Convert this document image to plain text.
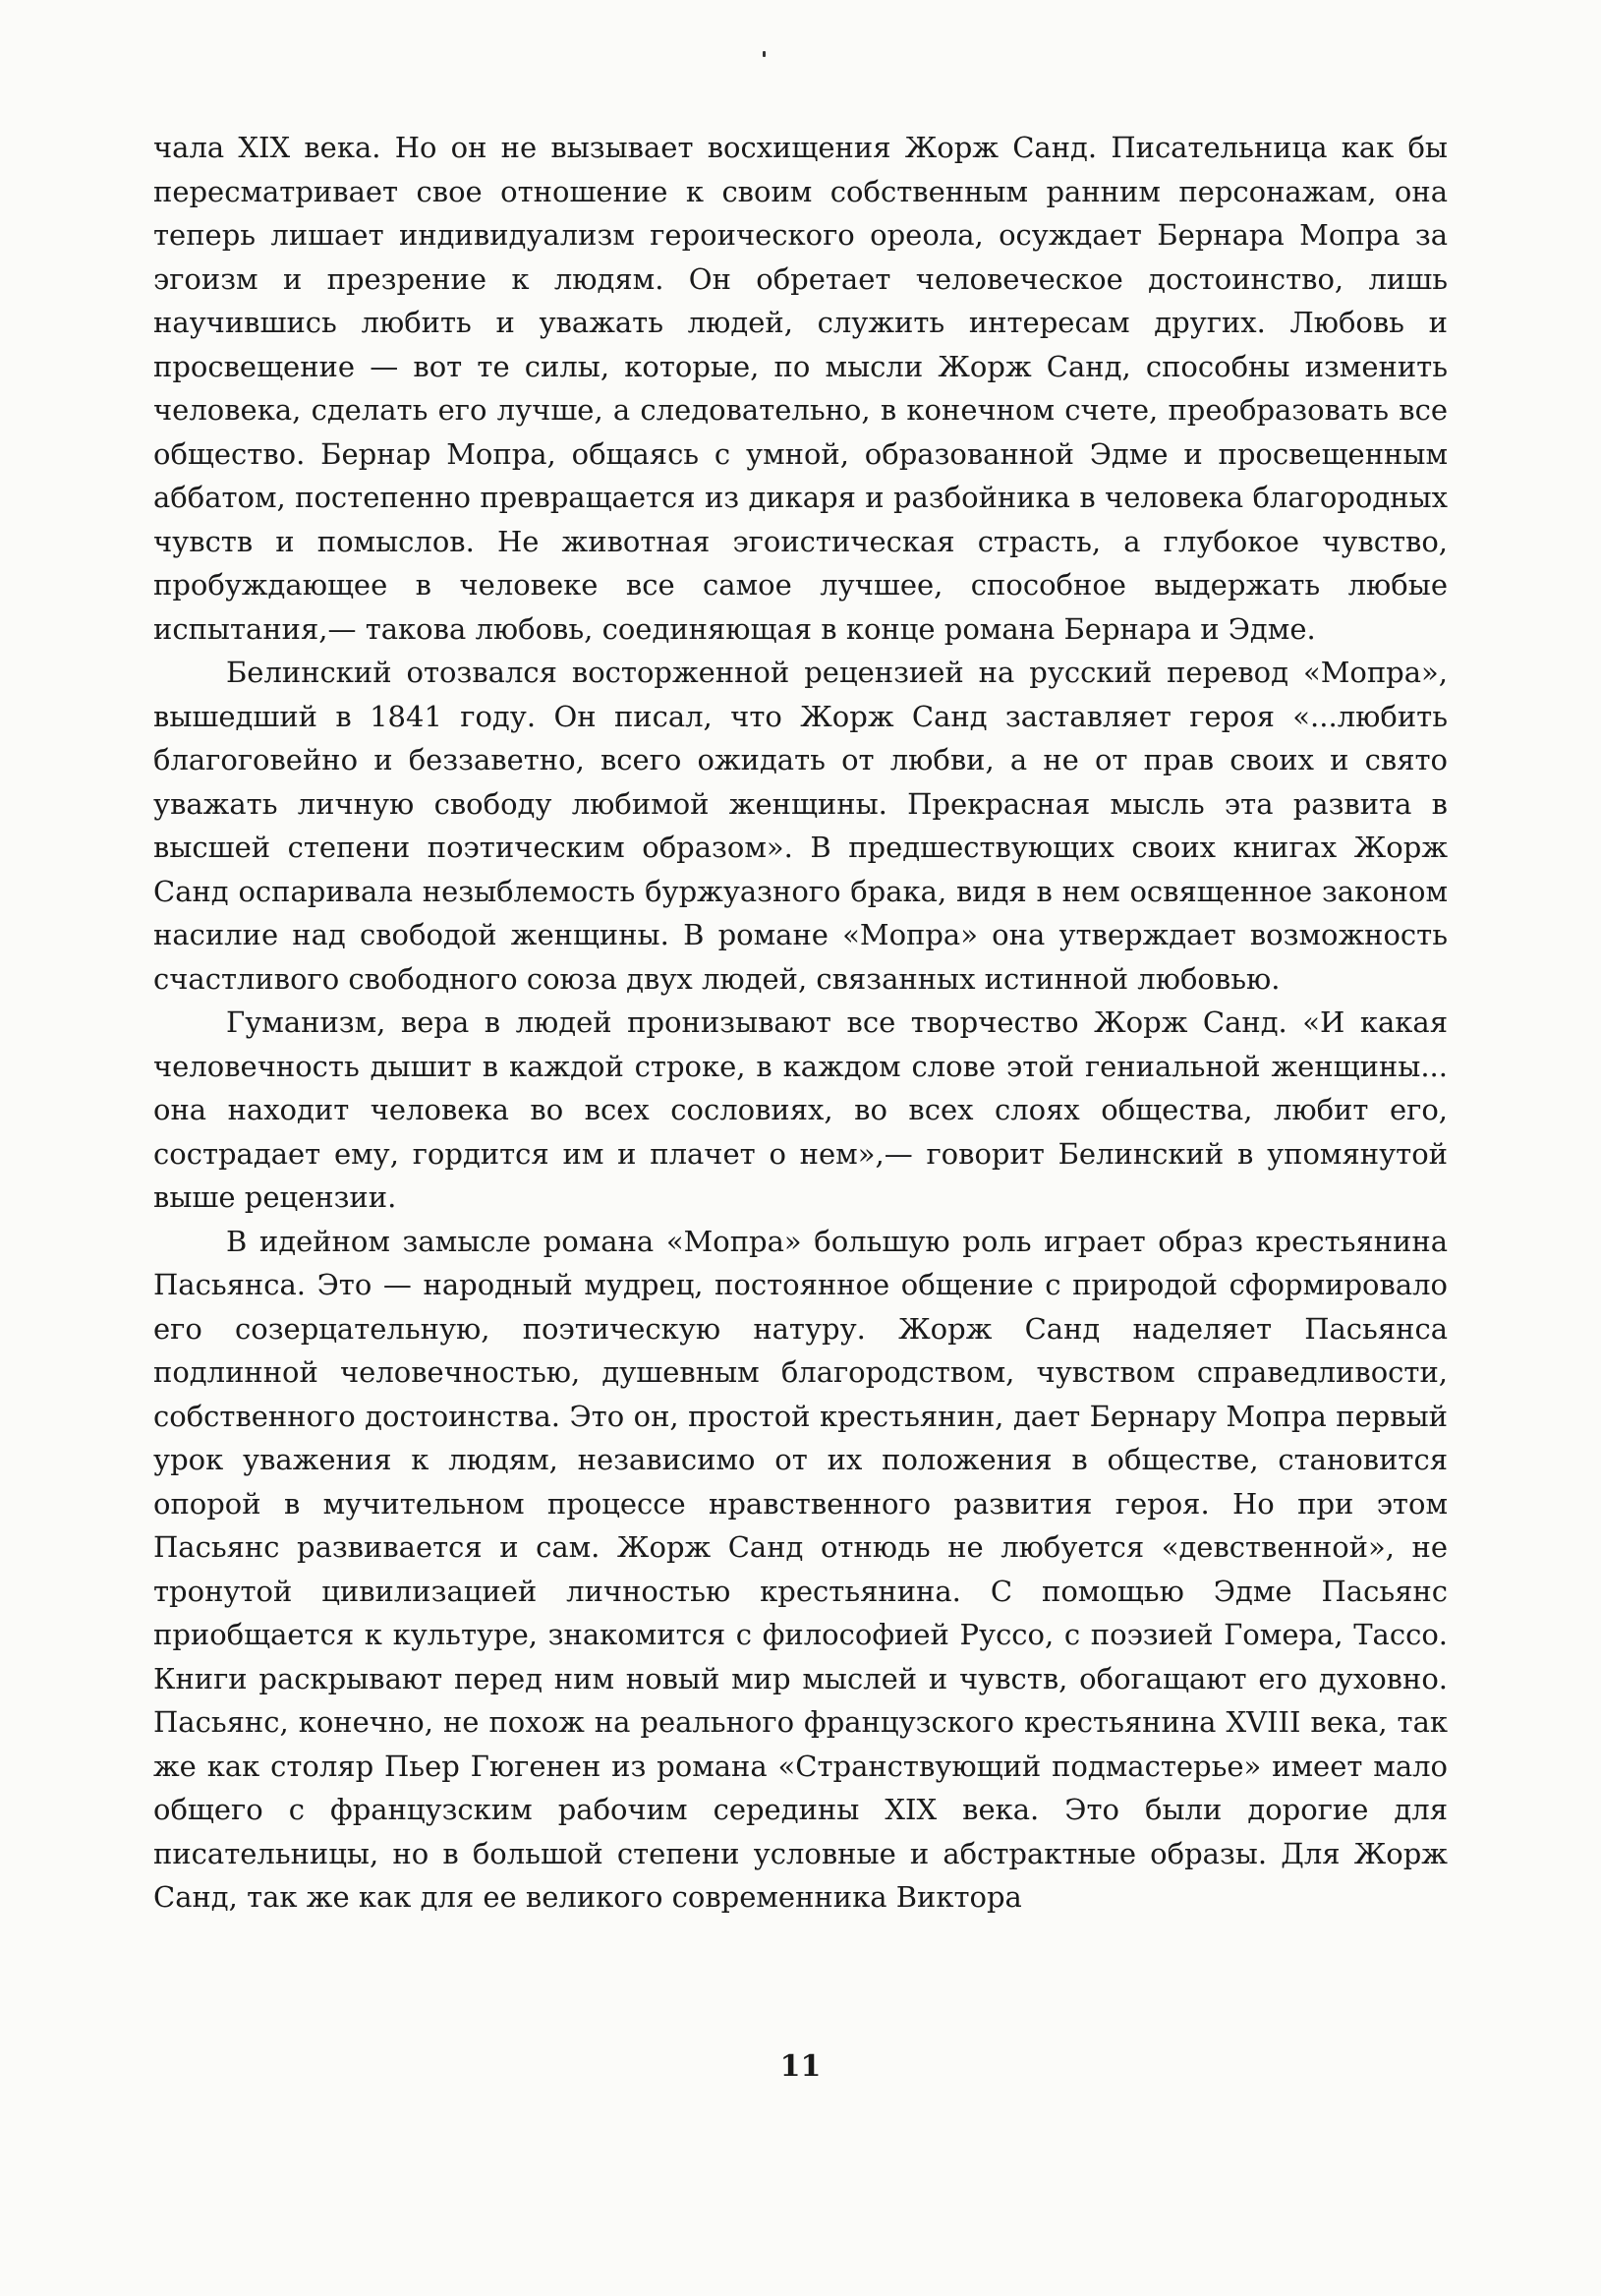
чала XIX века. Но он не вызывает восхищения Жорж Санд. Писательница как бы пересматривает свое отношение к своим собственным ранним персонажам, она теперь лишает индивидуализм героического ореола, осуждает Бернара Мопра за эгоизм и презрение к людям. Он обретает человеческое достоинство, лишь научившись любить и уважать людей, служить интересам других. Любовь и просвещение — вот те силы, которые, по мысли Жорж Санд, способны изменить человека, сделать его лучше, а следовательно, в конечном счете, преобразовать все общество. Бернар Мопра, общаясь с умной, образованной Эдме и просвещенным аббатом, постепенно превращается из дикаря и разбойника в человека благородных чувств и помыслов. Не животная эгоистическая страсть, а глубокое чувство, пробуждающее в человеке все самое лучшее, способное выдержать любые испытания,— такова любовь, соединяющая в конце романа Бернара и Эдме.

Белинский отозвался восторженной рецензией на русский перевод «Мопра», вышедший в 1841 году. Он писал, что Жорж Санд заставляет героя «...любить благоговейно и беззаветно, всего ожидать от любви, а не от прав своих и свято уважать личную свободу любимой женщины. Прекрасная мысль эта развита в высшей степени поэтическим образом». В предшествующих своих книгах Жорж Санд оспаривала незыблемость буржуазного брака, видя в нем освященное законом насилие над свободой женщины. В романе «Мопра» она утверждает возможность счастливого свободного союза двух людей, связанных истинной любовью.

Гуманизм, вера в людей пронизывают все творчество Жорж Санд. «И какая человечность дышит в каждой строке, в каждом слове этой гениальной женщины... она находит человека во всех сословиях, во всех слоях общества, любит его, сострадает ему, гордится им и плачет о нем»,— говорит Белинский в упомянутой выше рецензии.

В идейном замысле романа «Мопра» большую роль играет образ крестьянина Пасьянса. Это — народный мудрец, постоянное общение с природой сформировало его созерцательную, поэтическую натуру. Жорж Санд наделяет Пасьянса подлинной человечностью, душевным благородством, чувством справедливости, собственного достоинства. Это он, простой крестьянин, дает Бернару Мопра первый урок уважения к людям, независимо от их положения в обществе, становится опорой в мучительном процессе нравственного развития героя. Но при этом Пасьянс развивается и сам. Жорж Санд отнюдь не любуется «девственной», не тронутой цивилизацией личностью крестьянина. С помощью Эдме Пасьянс приобщается к культуре, знакомится с философией Руссо, с поэзией Гомера, Тассо. Книги раскрывают перед ним новый мир мыслей и чувств, обогащают его духовно. Пасьянс, конечно, не похож на реального французского крестьянина XVIII века, так же как столяр Пьер Гюгенен из романа «Странствующий подмастерье» имеет мало общего с французским рабочим середины XIX века. Это были дорогие для писательницы, но в большой степени условные и абстрактные образы. Для Жорж Санд, так же как для ее великого современника Виктора

11
